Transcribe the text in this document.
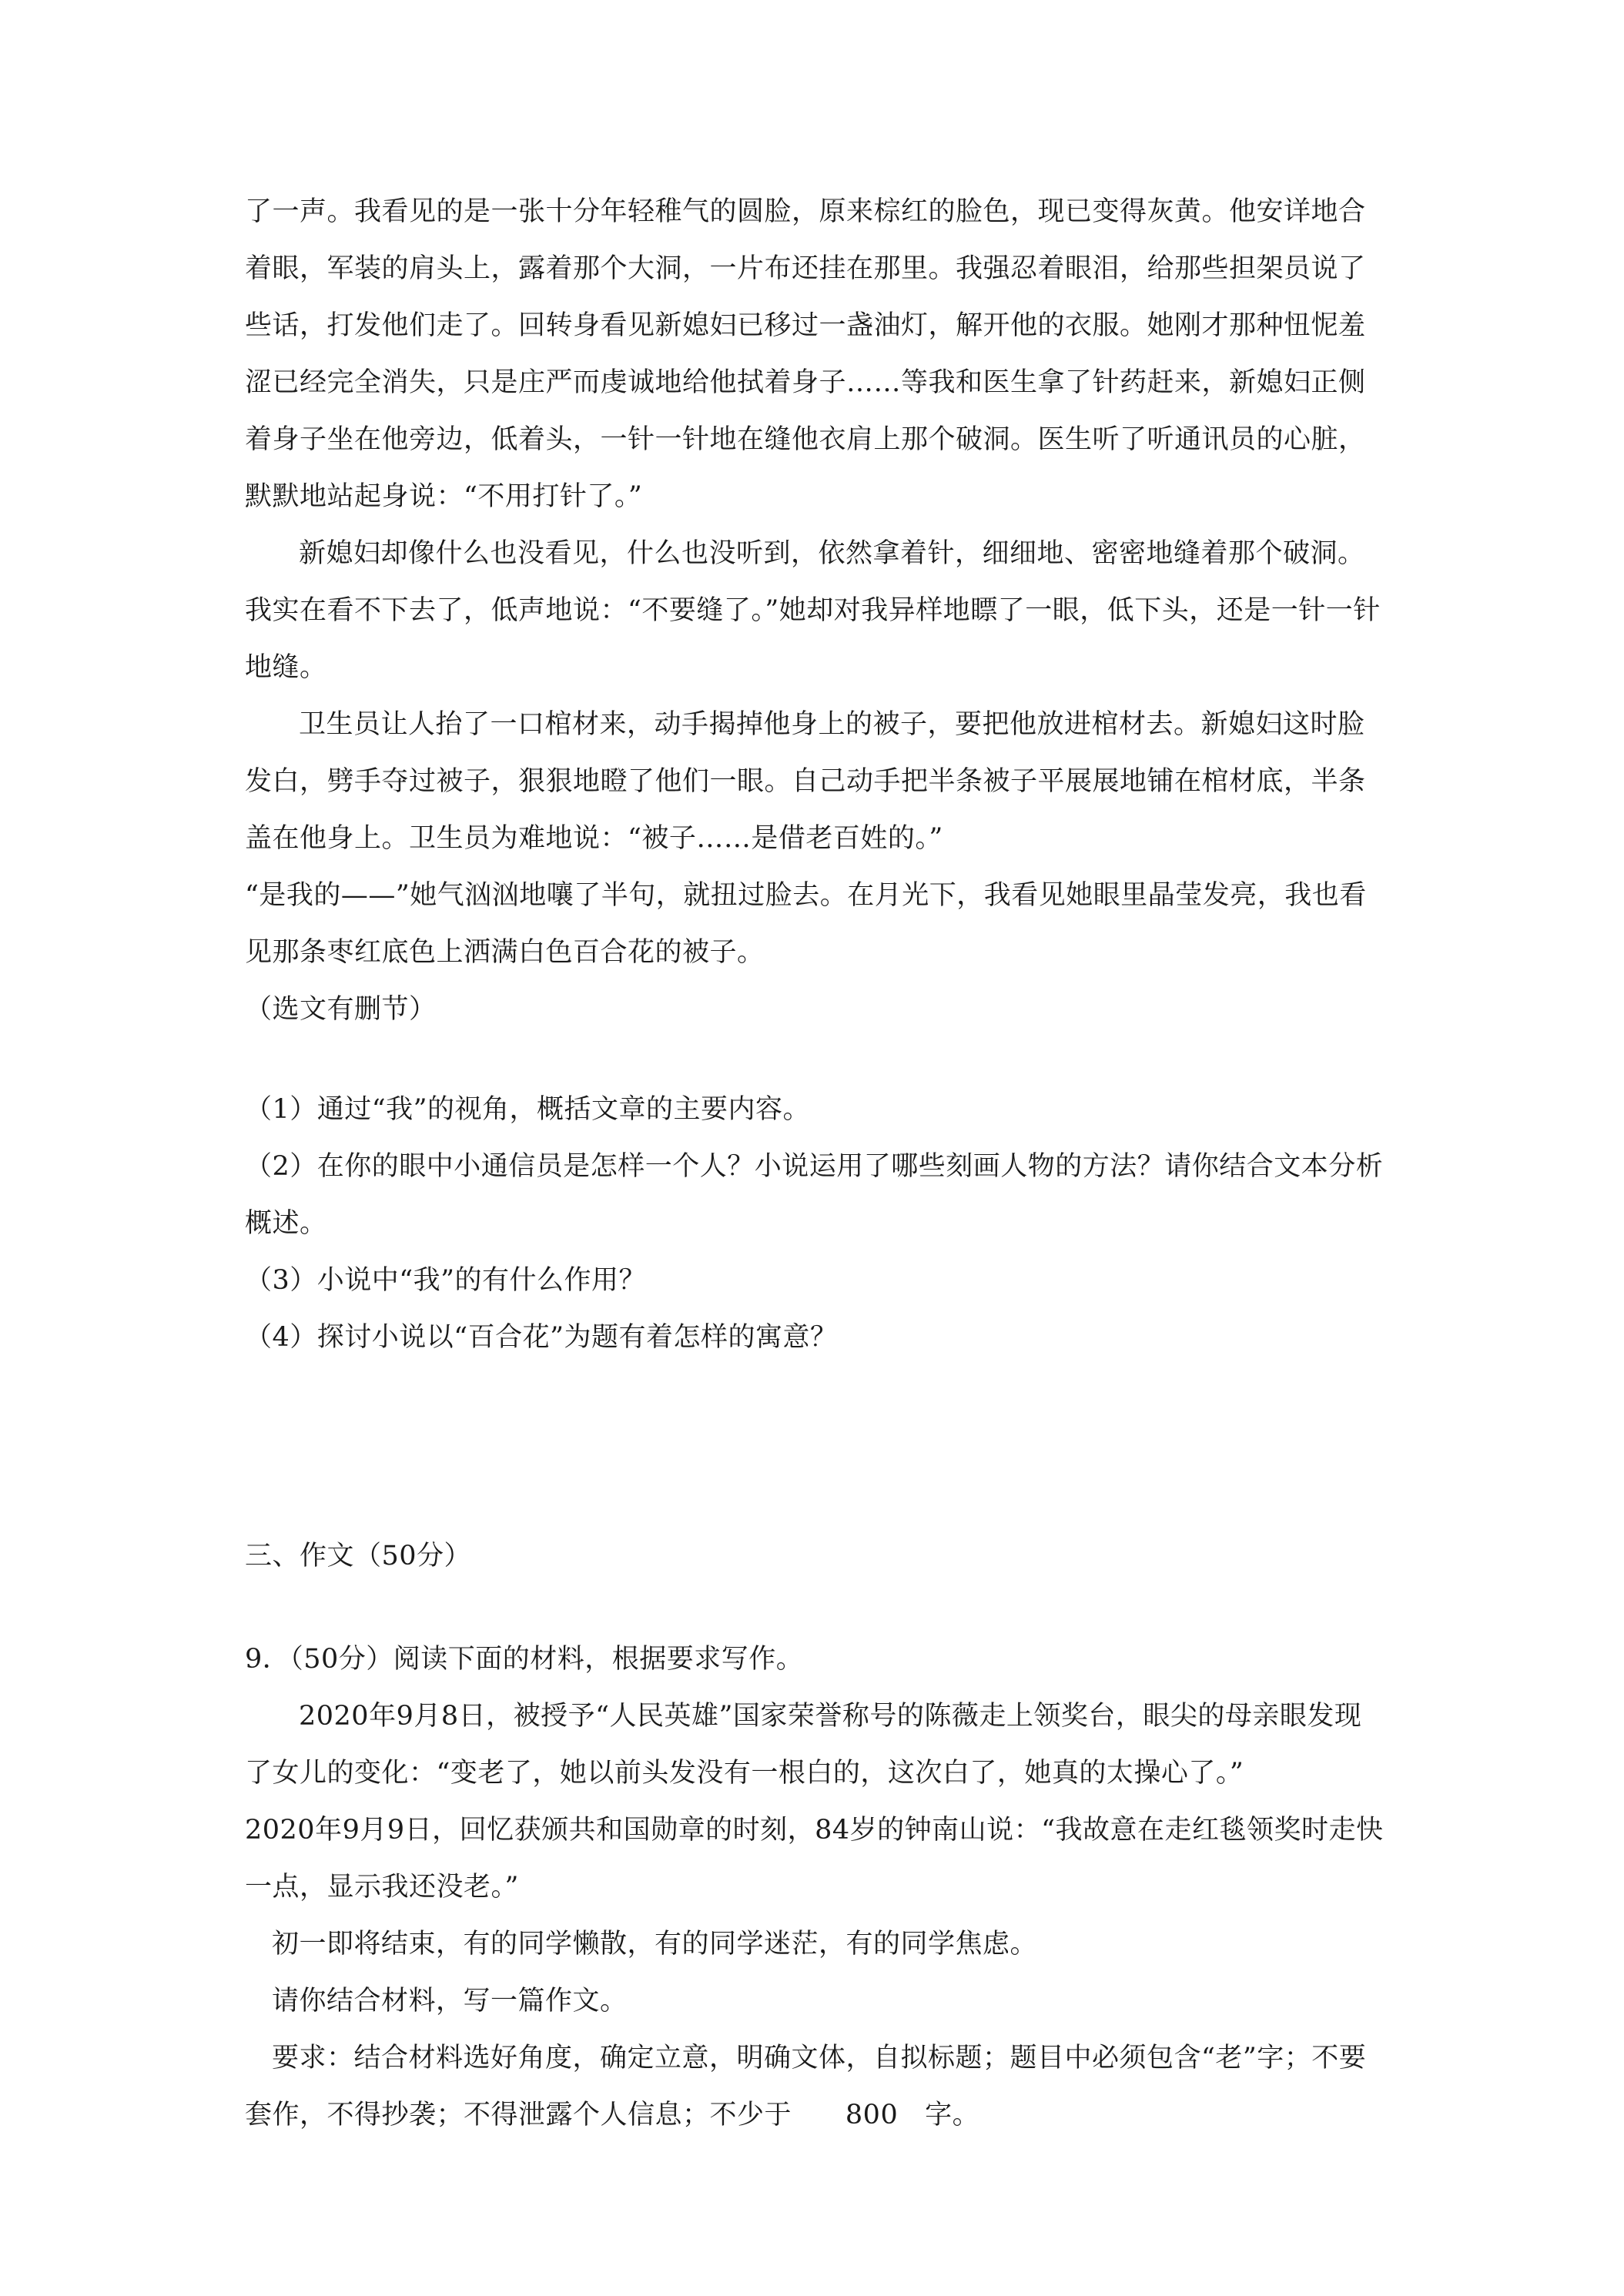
了一声。我看见的是一张十分年轻稚气的圆脸，原来棕红的脸色，现已变得灰黄。他安详地合着眼，军装的肩头上，露着那个大洞，一片布还挂在那里。我强忍着眼泪，给那些担架员说了些话，打发他们走了。回转身看见新媳妇已移过一盏油灯，解开他的衣服。她刚才那种忸怩羞涩已经完全消失，只是庄严而虔诚地给他拭着身子……等我和医生拿了针药赶来，新媳妇正侧着身子坐在他旁边，低着头，一针一针地在缝他衣肩上那个破洞。医生听了听通讯员的心脏，默默地站起身说：“不用打针了。”

新媳妇却像什么也没看见，什么也没听到，依然拿着针，细细地、密密地缝着那个破洞。我实在看不下去了，低声地说：“不要缝了。”她却对我异样地瞟了一眼，低下头，还是一针一针地缝。

卫生员让人抬了一口棺材来，动手揭掉他身上的被子，要把他放进棺材去。新媳妇这时脸发白，劈手夺过被子，狠狠地瞪了他们一眼。自己动手把半条被子平展展地铺在棺材底，半条盖在他身上。卫生员为难地说：“被子……是借老百姓的。”

“是我的——”她气汹汹地嚷了半句，就扭过脸去。在月光下，我看见她眼里晶莹发亮，我也看见那条枣红底色上洒满白色百合花的被子。

（选文有删节）

（1）通过“我”的视角，概括文章的主要内容。

（2）在你的眼中小通信员是怎样一个人？小说运用了哪些刻画人物的方法？请你结合文本分析概述。

（3）小说中“我”的有什么作用？

（4）探讨小说以“百合花”为题有着怎样的寓意？

三、作文（50分）

9．（50分）阅读下面的材料，根据要求写作。

2020年9月8日，被授予“人民英雄”国家荣誉称号的陈薇走上领奖台，眼尖的母亲眼发现了女儿的变化：“变老了，她以前头发没有一根白的，这次白了，她真的太操心了。”

2020年9月9日，回忆获颁共和国勋章的时刻，84岁的钟南山说：“我故意在走红毯领奖时走快一点，显示我还没老。”

初一即将结束，有的同学懒散，有的同学迷茫，有的同学焦虑。

请你结合材料，写一篇作文。

要求：结合材料选好角度，确定立意，明确文体，自拟标题；题目中必须包含“老”字；不要套作，不得抄袭；不得泄露个人信息；不少于 800 字。
